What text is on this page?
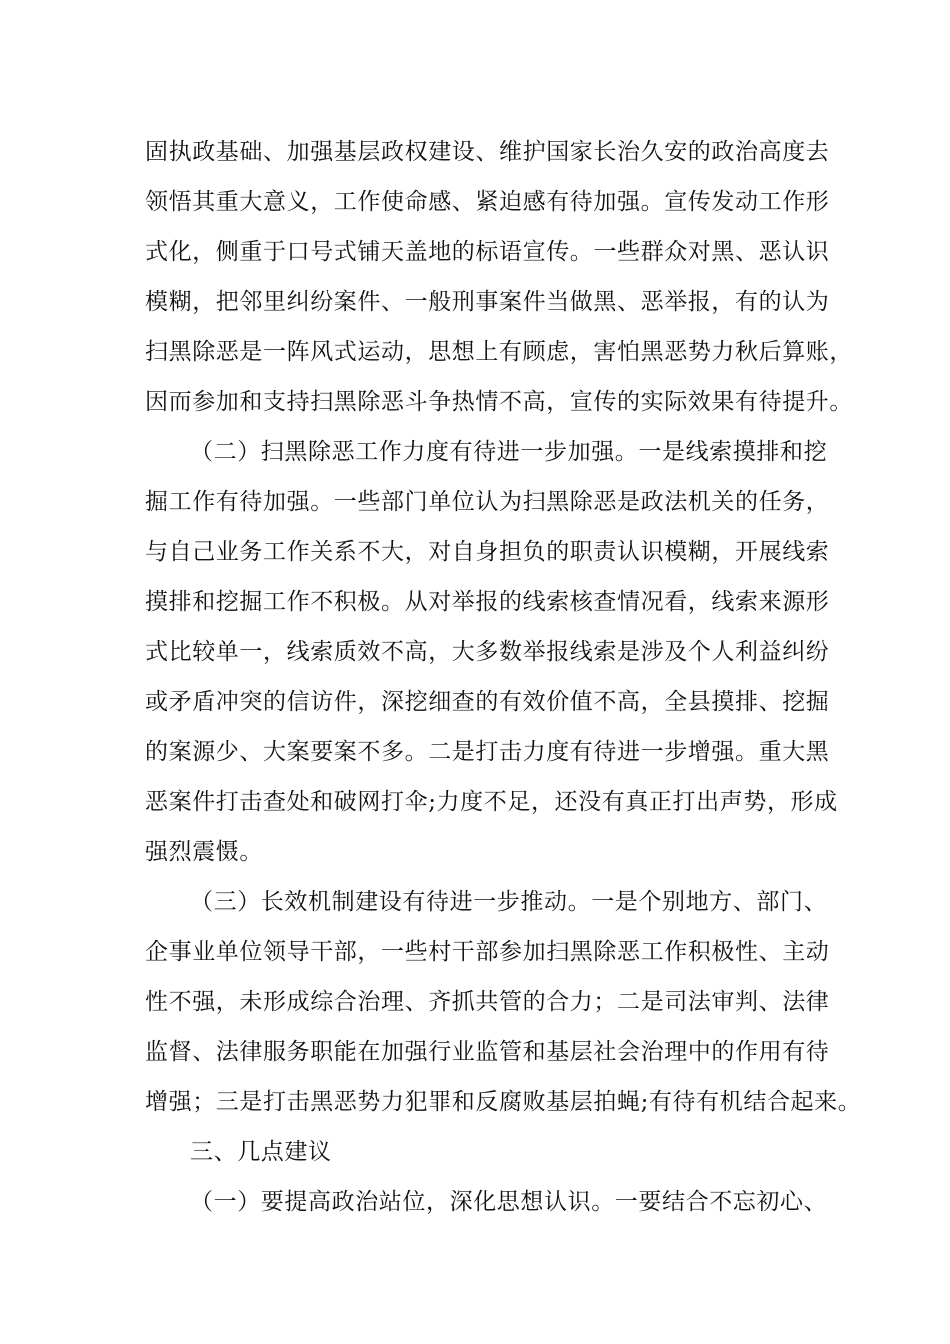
固执政基础、加强基层政权建设、维护国家长治久安的政治高度去
领悟其重大意义，工作使命感、紧迫感有待加强。宣传发动工作形
式化，侧重于口号式铺天盖地的标语宣传。一些群众对黑、恶认识
模糊，把邻里纠纷案件、一般刑事案件当做黑、恶举报，有的认为
扫黑除恶是一阵风式运动，思想上有顾虑，害怕黑恶势力秋后算账，
因而参加和支持扫黑除恶斗争热情不高，宣传的实际效果有待提升。
（二）扫黑除恶工作力度有待进一步加强。一是线索摸排和挖
掘工作有待加强。一些部门单位认为扫黑除恶是政法机关的任务，
与自己业务工作关系不大，对自身担负的职责认识模糊，开展线索
摸排和挖掘工作不积极。从对举报的线索核查情况看，线索来源形
式比较单一，线索质效不高，大多数举报线索是涉及个人利益纠纷
或矛盾冲突的信访件，深挖细查的有效价值不高，全县摸排、挖掘
的案源少、大案要案不多。二是打击力度有待进一步增强。重大黑
恶案件打击查处和破网打伞;力度不足，还没有真正打出声势，形成
强烈震慑。
（三）长效机制建设有待进一步推动。一是个别地方、部门、
企事业单位领导干部，一些村干部参加扫黑除恶工作积极性、主动
性不强，未形成综合治理、齐抓共管的合力；二是司法审判、法律
监督、法律服务职能在加强行业监管和基层社会治理中的作用有待
增强；三是打击黑恶势力犯罪和反腐败基层拍蝇;有待有机结合起来。
三、几点建议
（一）要提高政治站位，深化思想认识。一要结合不忘初心、
